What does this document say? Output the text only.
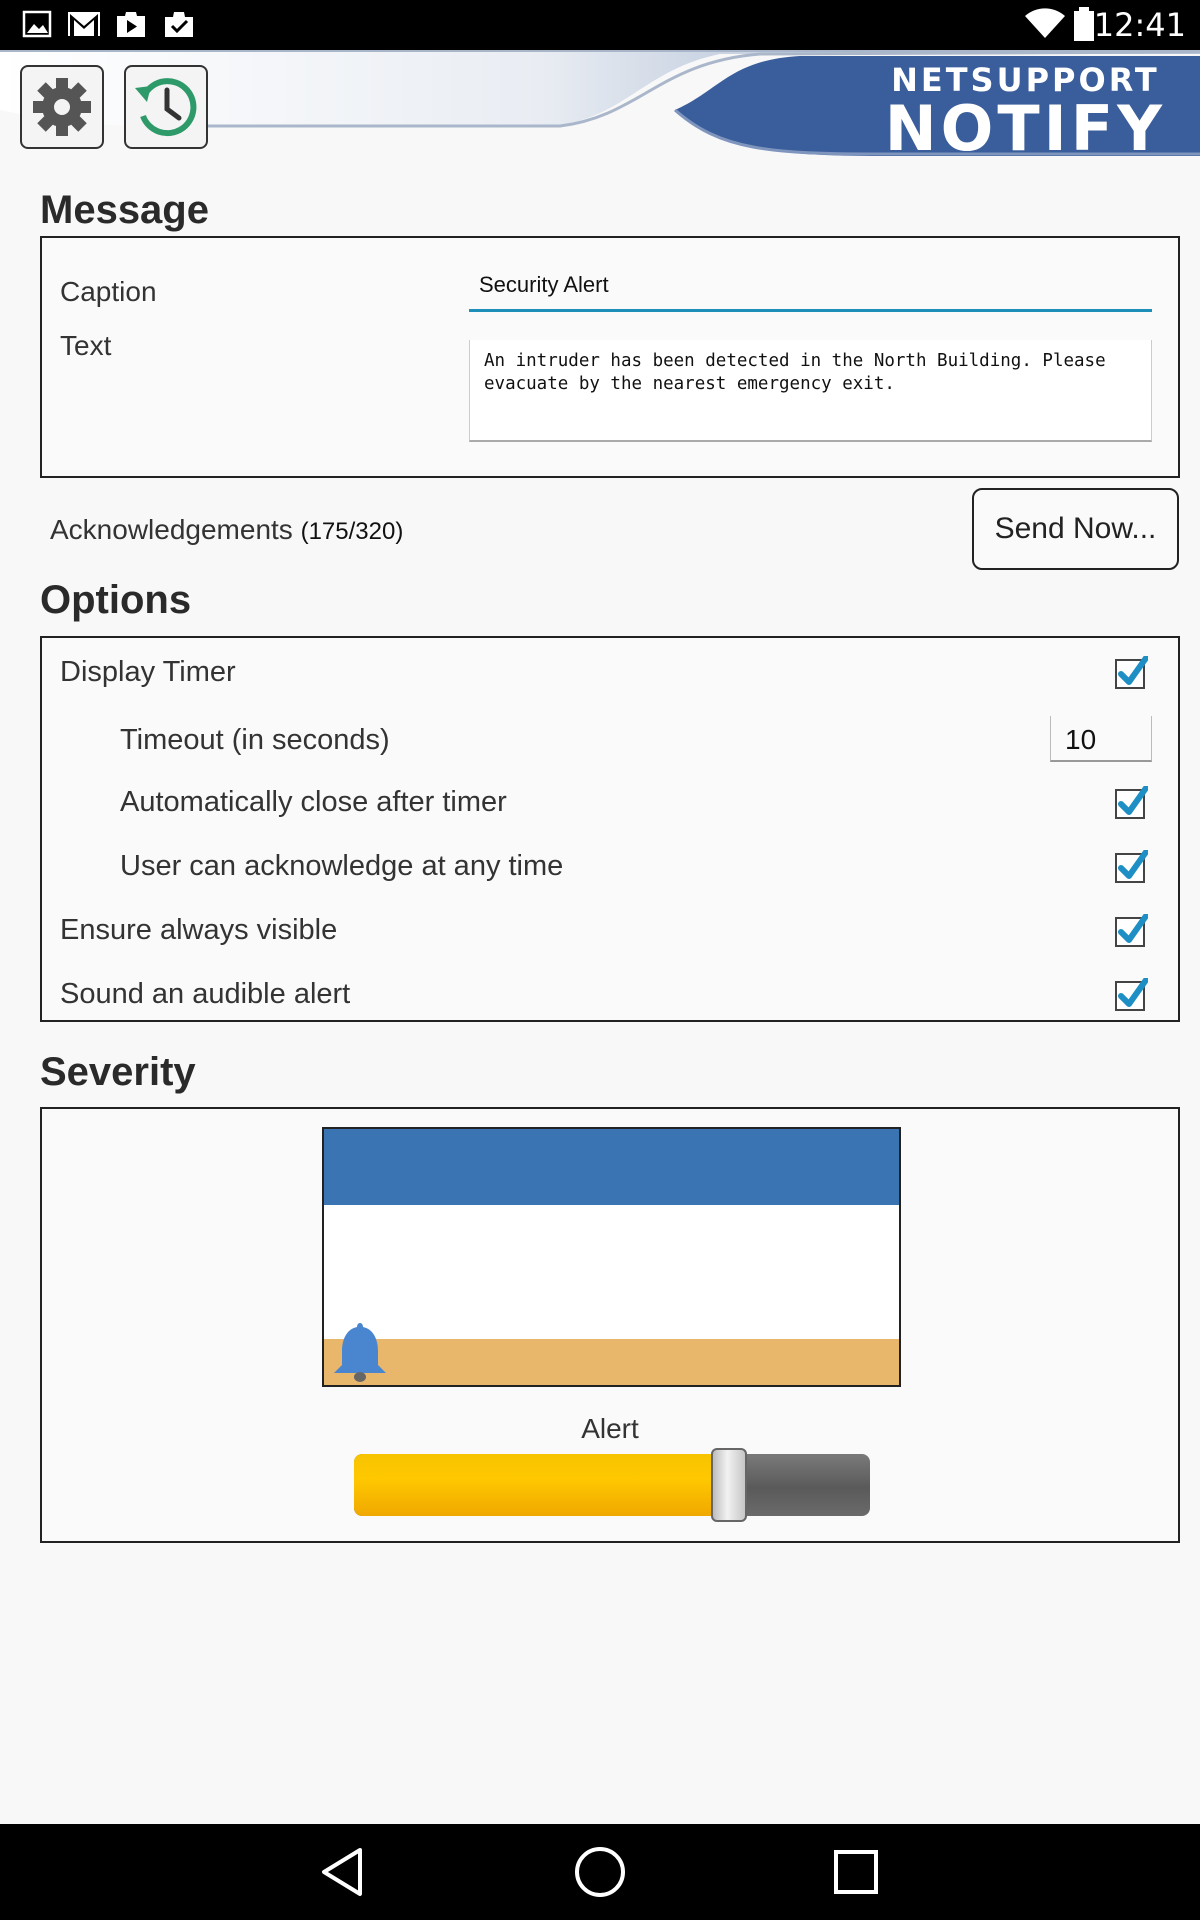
12:41
NETSUPPORT
NOTIFY
Message
Caption	Security Alert
Text	An intruder has been detected in the North Building. Please evacuate by the nearest emergency exit.
Acknowledgements (175/320)	Send Now...
Options
Display Timer
Timeout (in seconds)	10
Automatically close after timer
User can acknowledge at any time
Ensure always visible
Sound an audible alert
Severity
Alert
